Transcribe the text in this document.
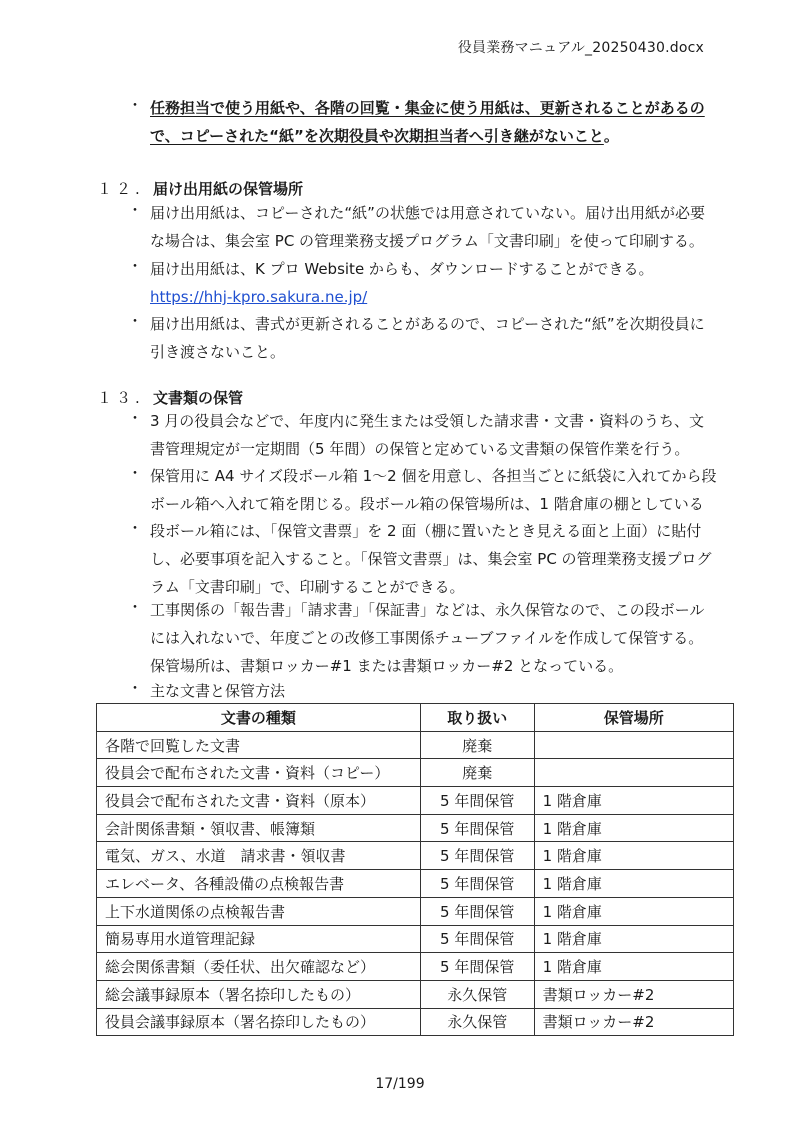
役員業務マニュアル_20250430.docx
・ 任務担当で使う用紙や、各階の回覧・集金に使う用紙は、更新されることがあるの
で、コピーされた“紙”を次期役員や次期担当者へ引き継がないこと。
１２. 届け出用紙の保管場所
・ 届け出用紙は、コピーされた“紙”の状態では用意されていない。届け出用紙が必要
な場合は、集会室 PC の管理業務支援プログラム「文書印刷」を使って印刷する。
・ 届け出用紙は、K プロ Website からも、ダウンロードすることができる。
https://hhj-kpro.sakura.ne.jp/
・ 届け出用紙は、書式が更新されることがあるので、コピーされた“紙”を次期役員に
引き渡さないこと。
１３. 文書類の保管
・ 3 月の役員会などで、年度内に発生または受領した請求書・文書・資料のうち、文
書管理規定が一定期間（5 年間）の保管と定めている文書類の保管作業を行う。
・ 保管用に A4 サイズ段ボール箱 1～2 個を用意し、各担当ごとに紙袋に入れてから段
ボール箱へ入れて箱を閉じる。段ボール箱の保管場所は、1 階倉庫の棚としている
・ 段ボール箱には、「保管文書票」を 2 面（棚に置いたとき見える面と上面）に貼付
し、必要事項を記入すること。「保管文書票」は、集会室 PC の管理業務支援プログ
ラム「文書印刷」で、印刷することができる。
・ 工事関係の「報告書」「請求書」「保証書」などは、永久保管なので、この段ボール
には入れないで、年度ごとの改修工事関係チューブファイルを作成して保管する。
保管場所は、書類ロッカー#1 または書類ロッカー#2 となっている。
・ 主な文書と保管方法
文書の種類	取り扱い	保管場所
各階で回覧した文書	廃棄	
役員会で配布された文書・資料（コピー）	廃棄	
役員会で配布された文書・資料（原本）	5 年間保管	1 階倉庫
会計関係書類・領収書、帳簿類	5 年間保管	1 階倉庫
電気、ガス、水道　請求書・領収書	5 年間保管	1 階倉庫
エレベータ、各種設備の点検報告書	5 年間保管	1 階倉庫
上下水道関係の点検報告書	5 年間保管	1 階倉庫
簡易専用水道管理記録	5 年間保管	1 階倉庫
総会関係書類（委任状、出欠確認など）	5 年間保管	1 階倉庫
総会議事録原本（署名捺印したもの）	永久保管	書類ロッカー#2
役員会議事録原本（署名捺印したもの）	永久保管	書類ロッカー#2
17/199
